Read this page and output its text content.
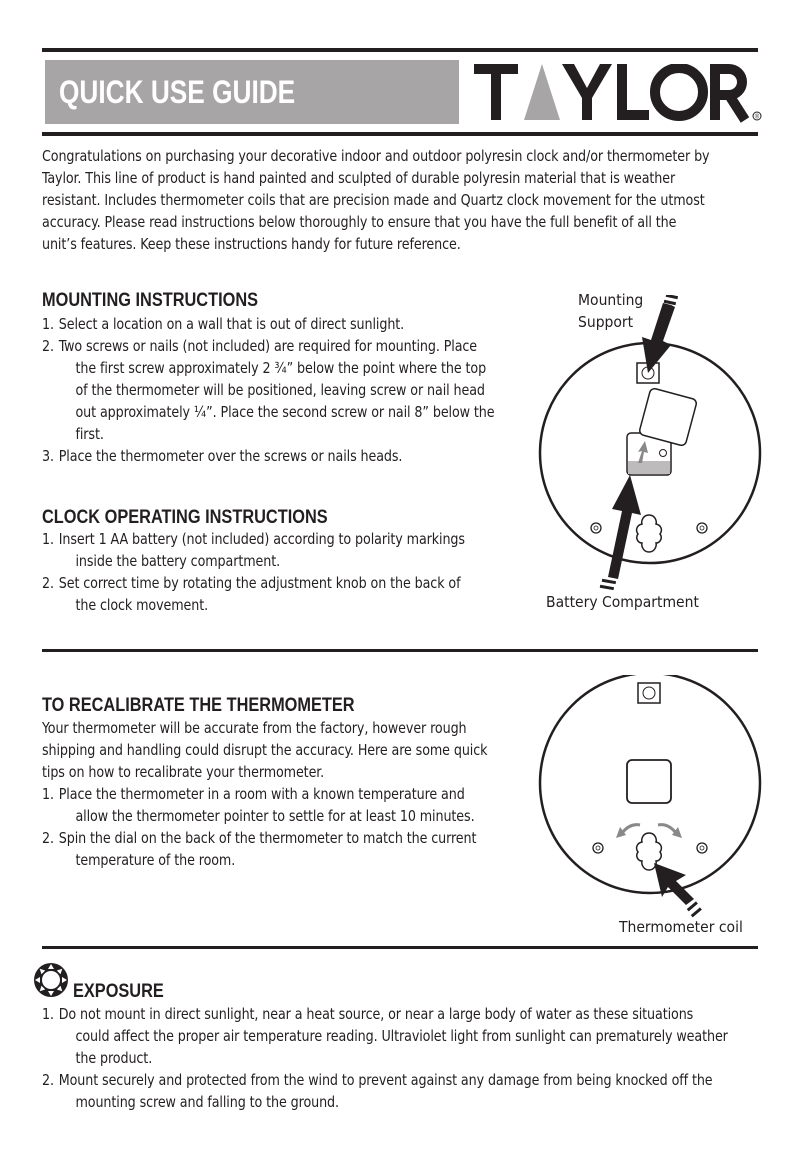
QUICK USE GUIDE
®
Congratulations on purchasing your decorative indoor and outdoor polyresin clock and/or thermometer by Taylor. This line of product is hand painted and sculpted of durable polyresin material that is weather resistant. Includes thermometer coils that are precision made and Quartz clock movement for the utmost accuracy. Please read instructions below thoroughly to ensure that you have the full benefit of all the unit’s features. Keep these instructions handy for future reference.
MOUNTING INSTRUCTIONS
1. Select a location on a wall that is out of direct sunlight.
2. Two screws or nails (not included) are required for mounting. Place the first screw approximately 2 ¾” below the point where the top of the thermometer will be positioned, leaving screw or nail head out approximately ¼”. Place the second screw or nail 8” below the first.
3. Place the thermometer over the screws or nails heads.
CLOCK OPERATING INSTRUCTIONS
1. Insert 1 AA battery (not included) according to polarity markings inside the battery compartment.
2. Set correct time by rotating the adjustment knob on the back of the clock movement.
Mounting
Support
Battery Compartment
TO RECALIBRATE THE THERMOMETER
Your thermometer will be accurate from the factory, however rough shipping and handling could disrupt the accuracy. Here are some quick tips on how to recalibrate your thermometer.
1. Place the thermometer in a room with a known temperature and allow the thermometer pointer to settle for at least 10 minutes.
2. Spin the dial on the back of the thermometer to match the current temperature of the room.
Thermometer coil
EXPOSURE
1. Do not mount in direct sunlight, near a heat source, or near a large body of water as these situations could affect the proper air temperature reading. Ultraviolet light from sunlight can prematurely weather the product.
2. Mount securely and protected from the wind to prevent against any damage from being knocked off the mounting screw and falling to the ground.
